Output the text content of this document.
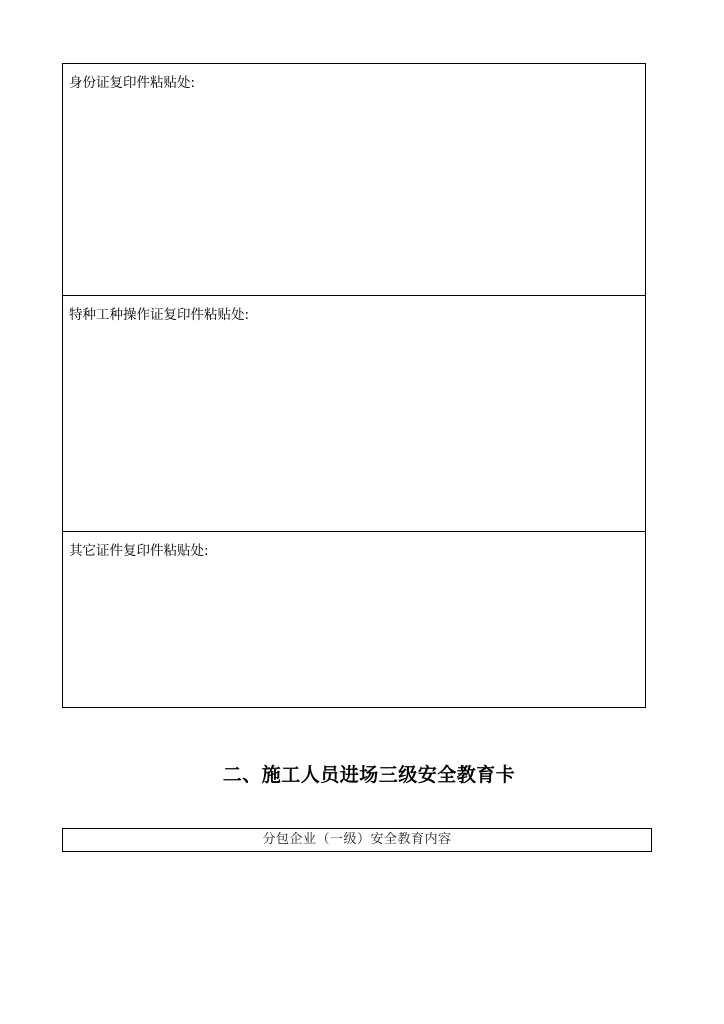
身份证复印件粘贴处:
特种工种操作证复印件粘贴处:
其它证件复印件粘贴处:
二、施工人员进场三级安全教育卡
分包企业（一级）安全教育内容
